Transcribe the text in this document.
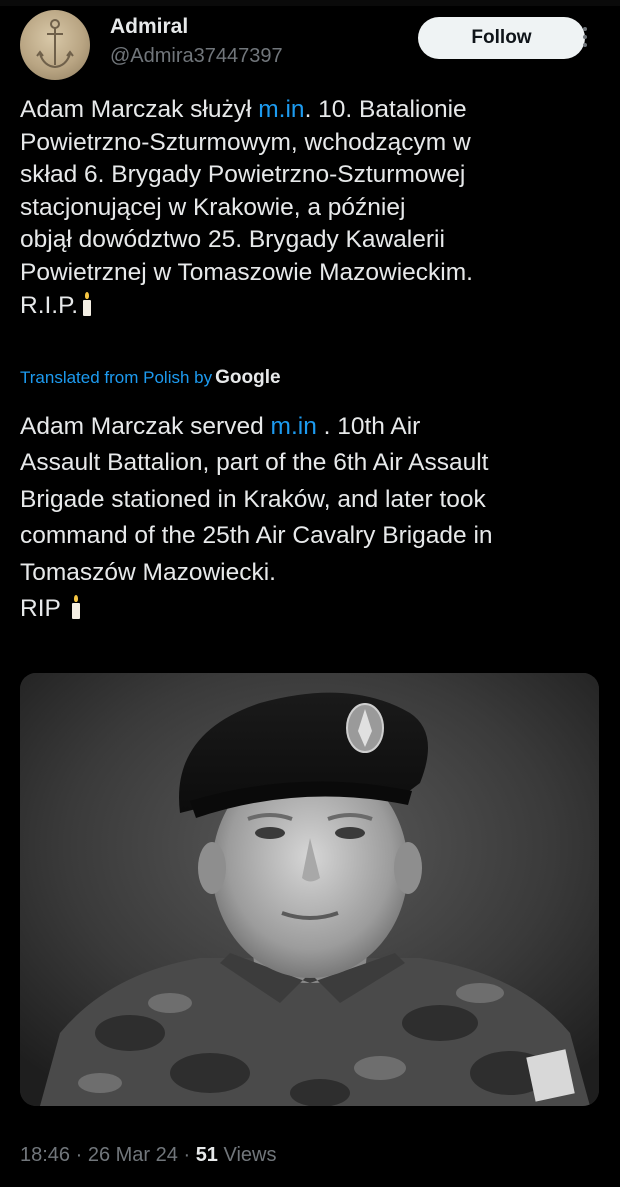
Admiral
@Admira37447397
Follow
Adam Marczak służył m.in. 10. Batalionie
Powietrzno-Szturmowym, wchodzącym w
skład 6. Brygady Powietrzno-Szturmowej
stacjonującej w Krakowie, a później
objął dowództwo 25. Brygady Kawalerii
Powietrznej w Tomaszowie Mazowieckim.
R.I.P.
Translated from Polish by Google
Adam Marczak served m.in . 10th Air
Assault Battalion, part of the 6th Air Assault
Brigade stationed in Kraków, and later took
command of the 25th Air Cavalry Brigade in
Tomaszów Mazowiecki.
RIP
18:46 · 26 Mar 24 · 51 Views
